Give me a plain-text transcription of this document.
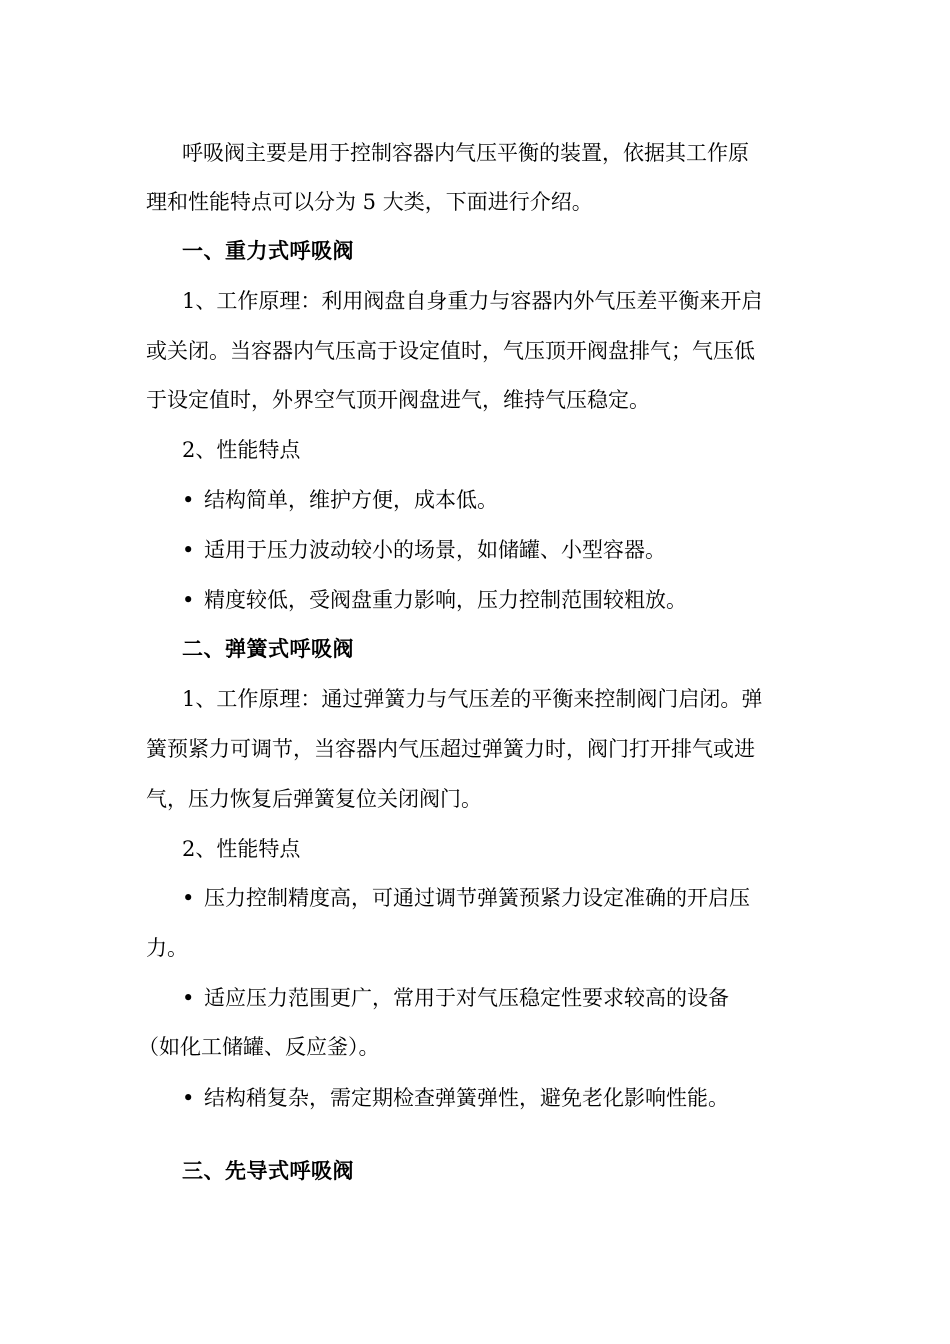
呼吸阀主要是用于控制容器内气压平衡的装置，依据其工作原
理和性能特点可以分为 5 大类，下面进行介绍。
一、重力式呼吸阀
1、工作原理：利用阀盘自身重力与容器内外气压差平衡来开启
或关闭。当容器内气压高于设定值时，气压顶开阀盘排气；气压低
于设定值时，外界空气顶开阀盘进气，维持气压稳定。
2、性能特点
• 结构简单，维护方便，成本低。
• 适用于压力波动较小的场景，如储罐、小型容器。
• 精度较低，受阀盘重力影响，压力控制范围较粗放。
二、弹簧式呼吸阀
1、工作原理：通过弹簧力与气压差的平衡来控制阀门启闭。弹
簧预紧力可调节，当容器内气压超过弹簧力时，阀门打开排气或进
气，压力恢复后弹簧复位关闭阀门。
2、性能特点
• 压力控制精度高，可通过调节弹簧预紧力设定准确的开启压
力。
• 适应压力范围更广，常用于对气压稳定性要求较高的设备
（如化工储罐、反应釜）。
• 结构稍复杂，需定期检查弹簧弹性，避免老化影响性能。
三、先导式呼吸阀
